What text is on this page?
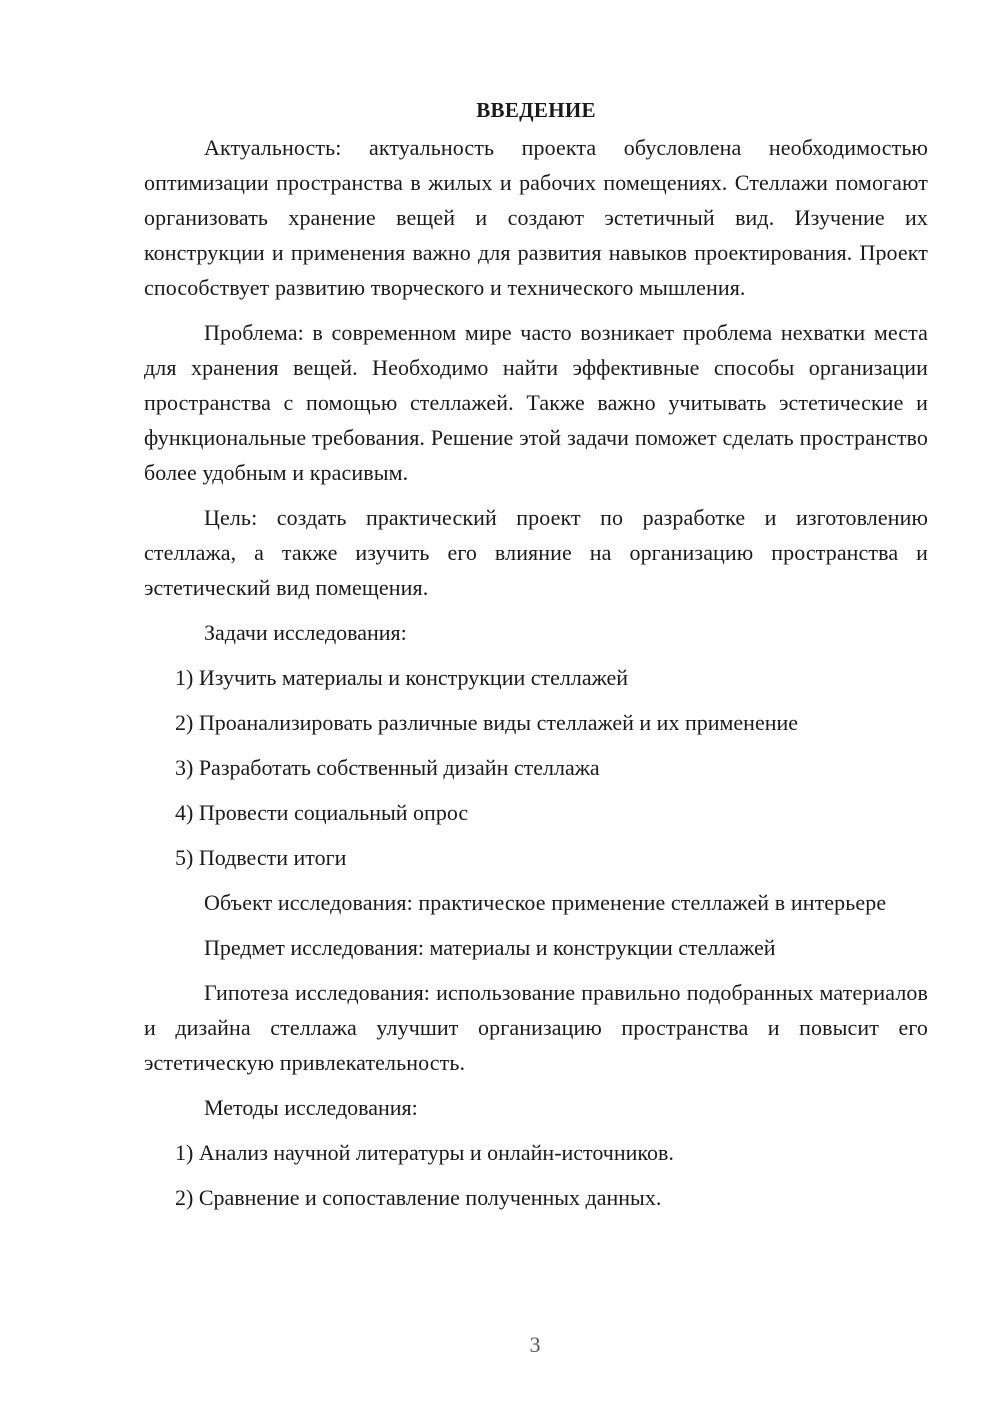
ВВЕДЕНИЕ

Актуальность: актуальность проекта обусловлена необходимостью оптимизации пространства в жилых и рабочих помещениях. Стеллажи помогают организовать хранение вещей и создают эстетичный вид. Изучение их конструкции и применения важно для развития навыков проектирования. Проект способствует развитию творческого и технического мышления.

Проблема: в современном мире часто возникает проблема нехватки места для хранения вещей. Необходимо найти эффективные способы организации пространства с помощью стеллажей. Также важно учитывать эстетические и функциональные требования. Решение этой задачи поможет сделать пространство более удобным и красивым.

Цель: создать практический проект по разработке и изготовлению стеллажа, а также изучить его влияние на организацию пространства и эстетический вид помещения.

Задачи исследования:

1) Изучить материалы и конструкции стеллажей
2) Проанализировать различные виды стеллажей и их применение
3) Разработать собственный дизайн стеллажа
4) Провести социальный опрос
5) Подвести итоги

Объект исследования: практическое применение стеллажей в интерьере

Предмет исследования: материалы и конструкции стеллажей

Гипотеза исследования: использование правильно подобранных материалов и дизайна стеллажа улучшит организацию пространства и повысит его эстетическую привлекательность.

Методы исследования:

1) Анализ научной литературы и онлайн-источников.
2) Сравнение и сопоставление полученных данных.
3
